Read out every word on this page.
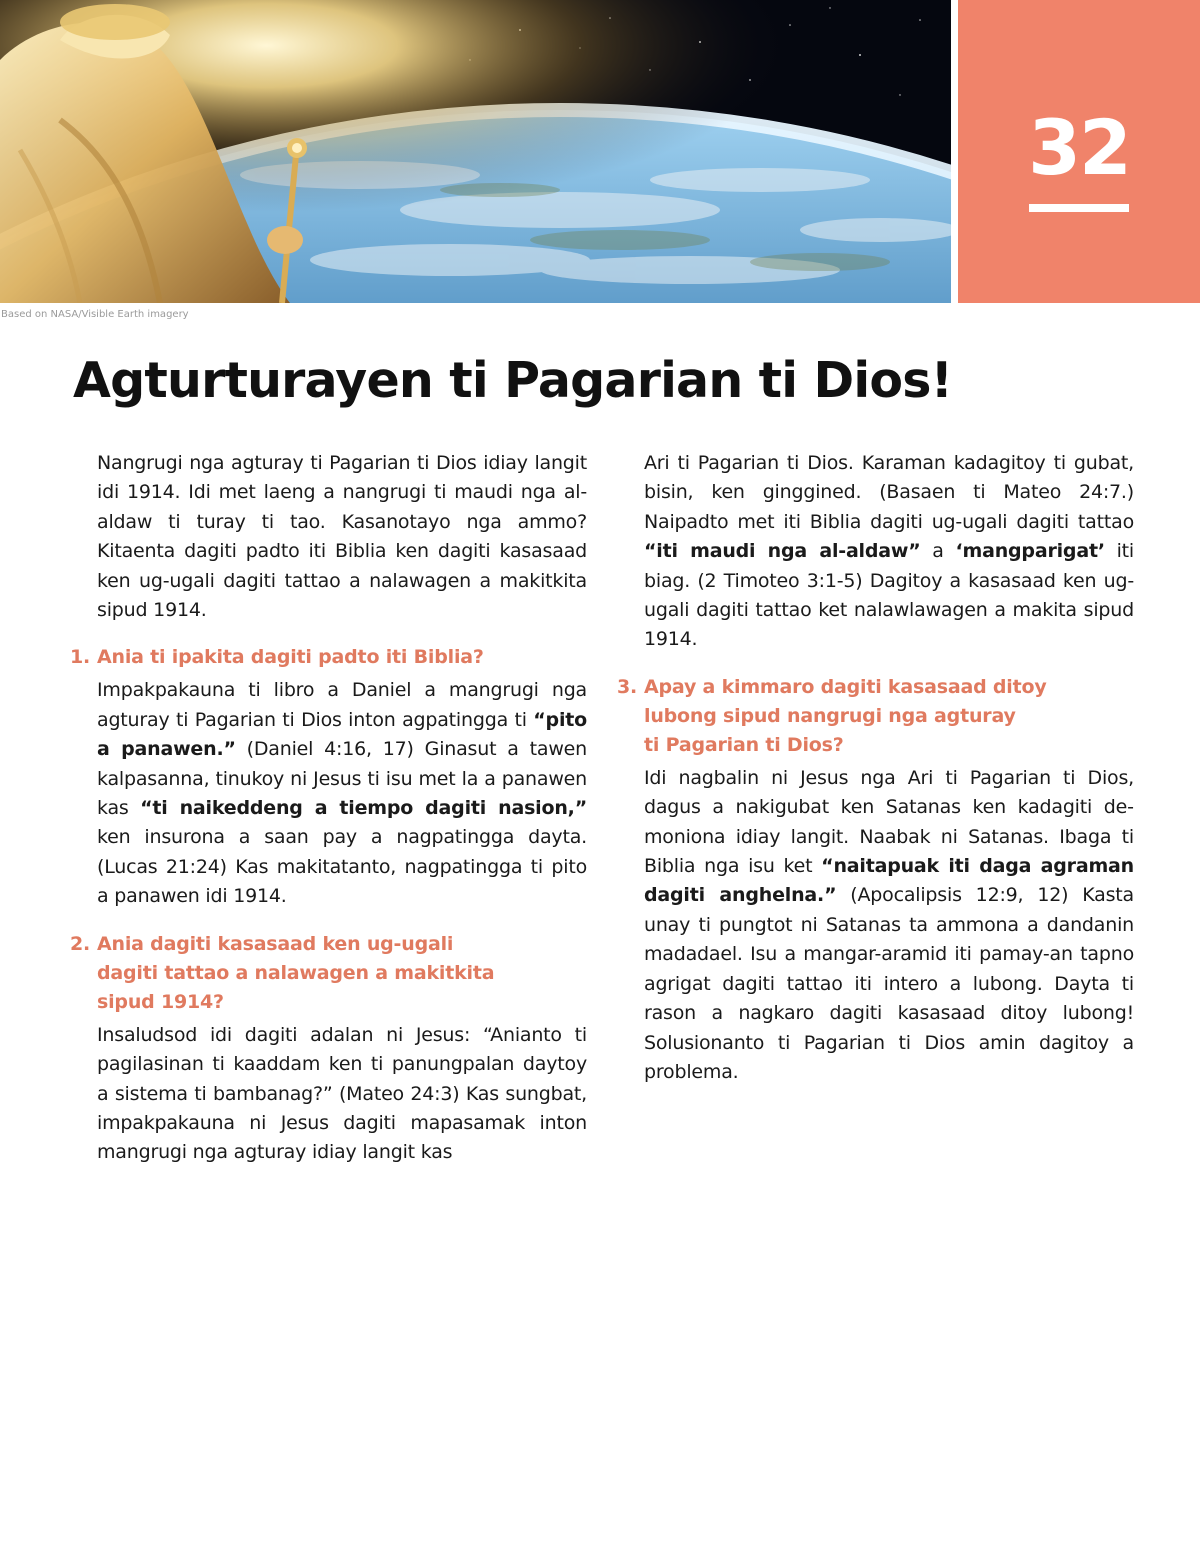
32
Based on NASA/Visible Earth imagery
Agturturayen ti Pagarian ti Dios!

Nangrugi nga agturay ti Pagarian ti Dios idiay langit idi 1914. Idi met laeng a nangrugi ti maudi nga al-aldaw ti turay ti tao. Kasanotayo nga ammo? Kitaenta dagiti padto iti Biblia ken dagiti kasasaad ken ug-ugali dagiti tattao a nalawagen a makitkita sipud 1914.

1. Ania ti ipakita dagiti padto iti Biblia?

Impakpakauna ti libro a Daniel a mangrugi nga agturay ti Pagarian ti Dios inton agpatingga ti “pito a panawen.” (Daniel 4:16, 17) Ginasut a tawen kalpasanna, tinukoy ni Jesus ti isu met la a panawen kas “ti naikeddeng a tiempo dagiti nasion,” ken insurona a saan pay a nagpatingga dayta. (Lucas 21:24) Kas makitatanto, nagpatingga ti pito a panawen idi 1914.

2. Ania dagiti kasasaad ken ug-ugali
dagiti tattao a nalawagen a makitkita
sipud 1914?

Insaludsod idi dagiti adalan ni Jesus: “Anianto ti pagilasinan ti kaaddam ken ti panungpalan daytoy a sistema ti bambanag?” (Mateo 24:3) Kas sungbat, impakpakauna ni Jesus dagiti mapasamak inton mangrugi nga agturay idiay langit kas

Ari ti Pagarian ti Dios. Karaman kadagitoy ti gubat, bisin, ken ginggined. (Basaen ti Mateo 24:7.) Naipadto met iti Biblia dagiti ug-ugali dagiti tattao “iti maudi nga al-aldaw” a ‘mangparigat’ iti biag. (2 Timoteo 3:1-5) Dagitoy a kasasaad ken ug-ugali dagiti tattao ket nalawlawagen a makita sipud 1914.

3. Apay a kimmaro dagiti kasasaad ditoy
lubong sipud nangrugi nga agturay
ti Pagarian ti Dios?

Idi nagbalin ni Jesus nga Ari ti Pagarian ti Dios, dagus a nakigubat ken Satanas ken kadagiti demoniona idiay langit. Naabak ni Satanas. Ibaga ti Biblia nga isu ket “naitapuak iti daga agraman dagiti anghelna.” (Apocalipsis 12:9, 12) Kasta unay ti pungtot ni Satanas ta ammona a dandanin madadael. Isu a mangar-aramid iti pamay-an tapno agrigat dagiti tattao iti intero a lubong. Dayta ti rason a nagkaro dagiti kasasaad ditoy lubong! Solusionanto ti Pagarian ti Dios amin dagitoy a problema.
